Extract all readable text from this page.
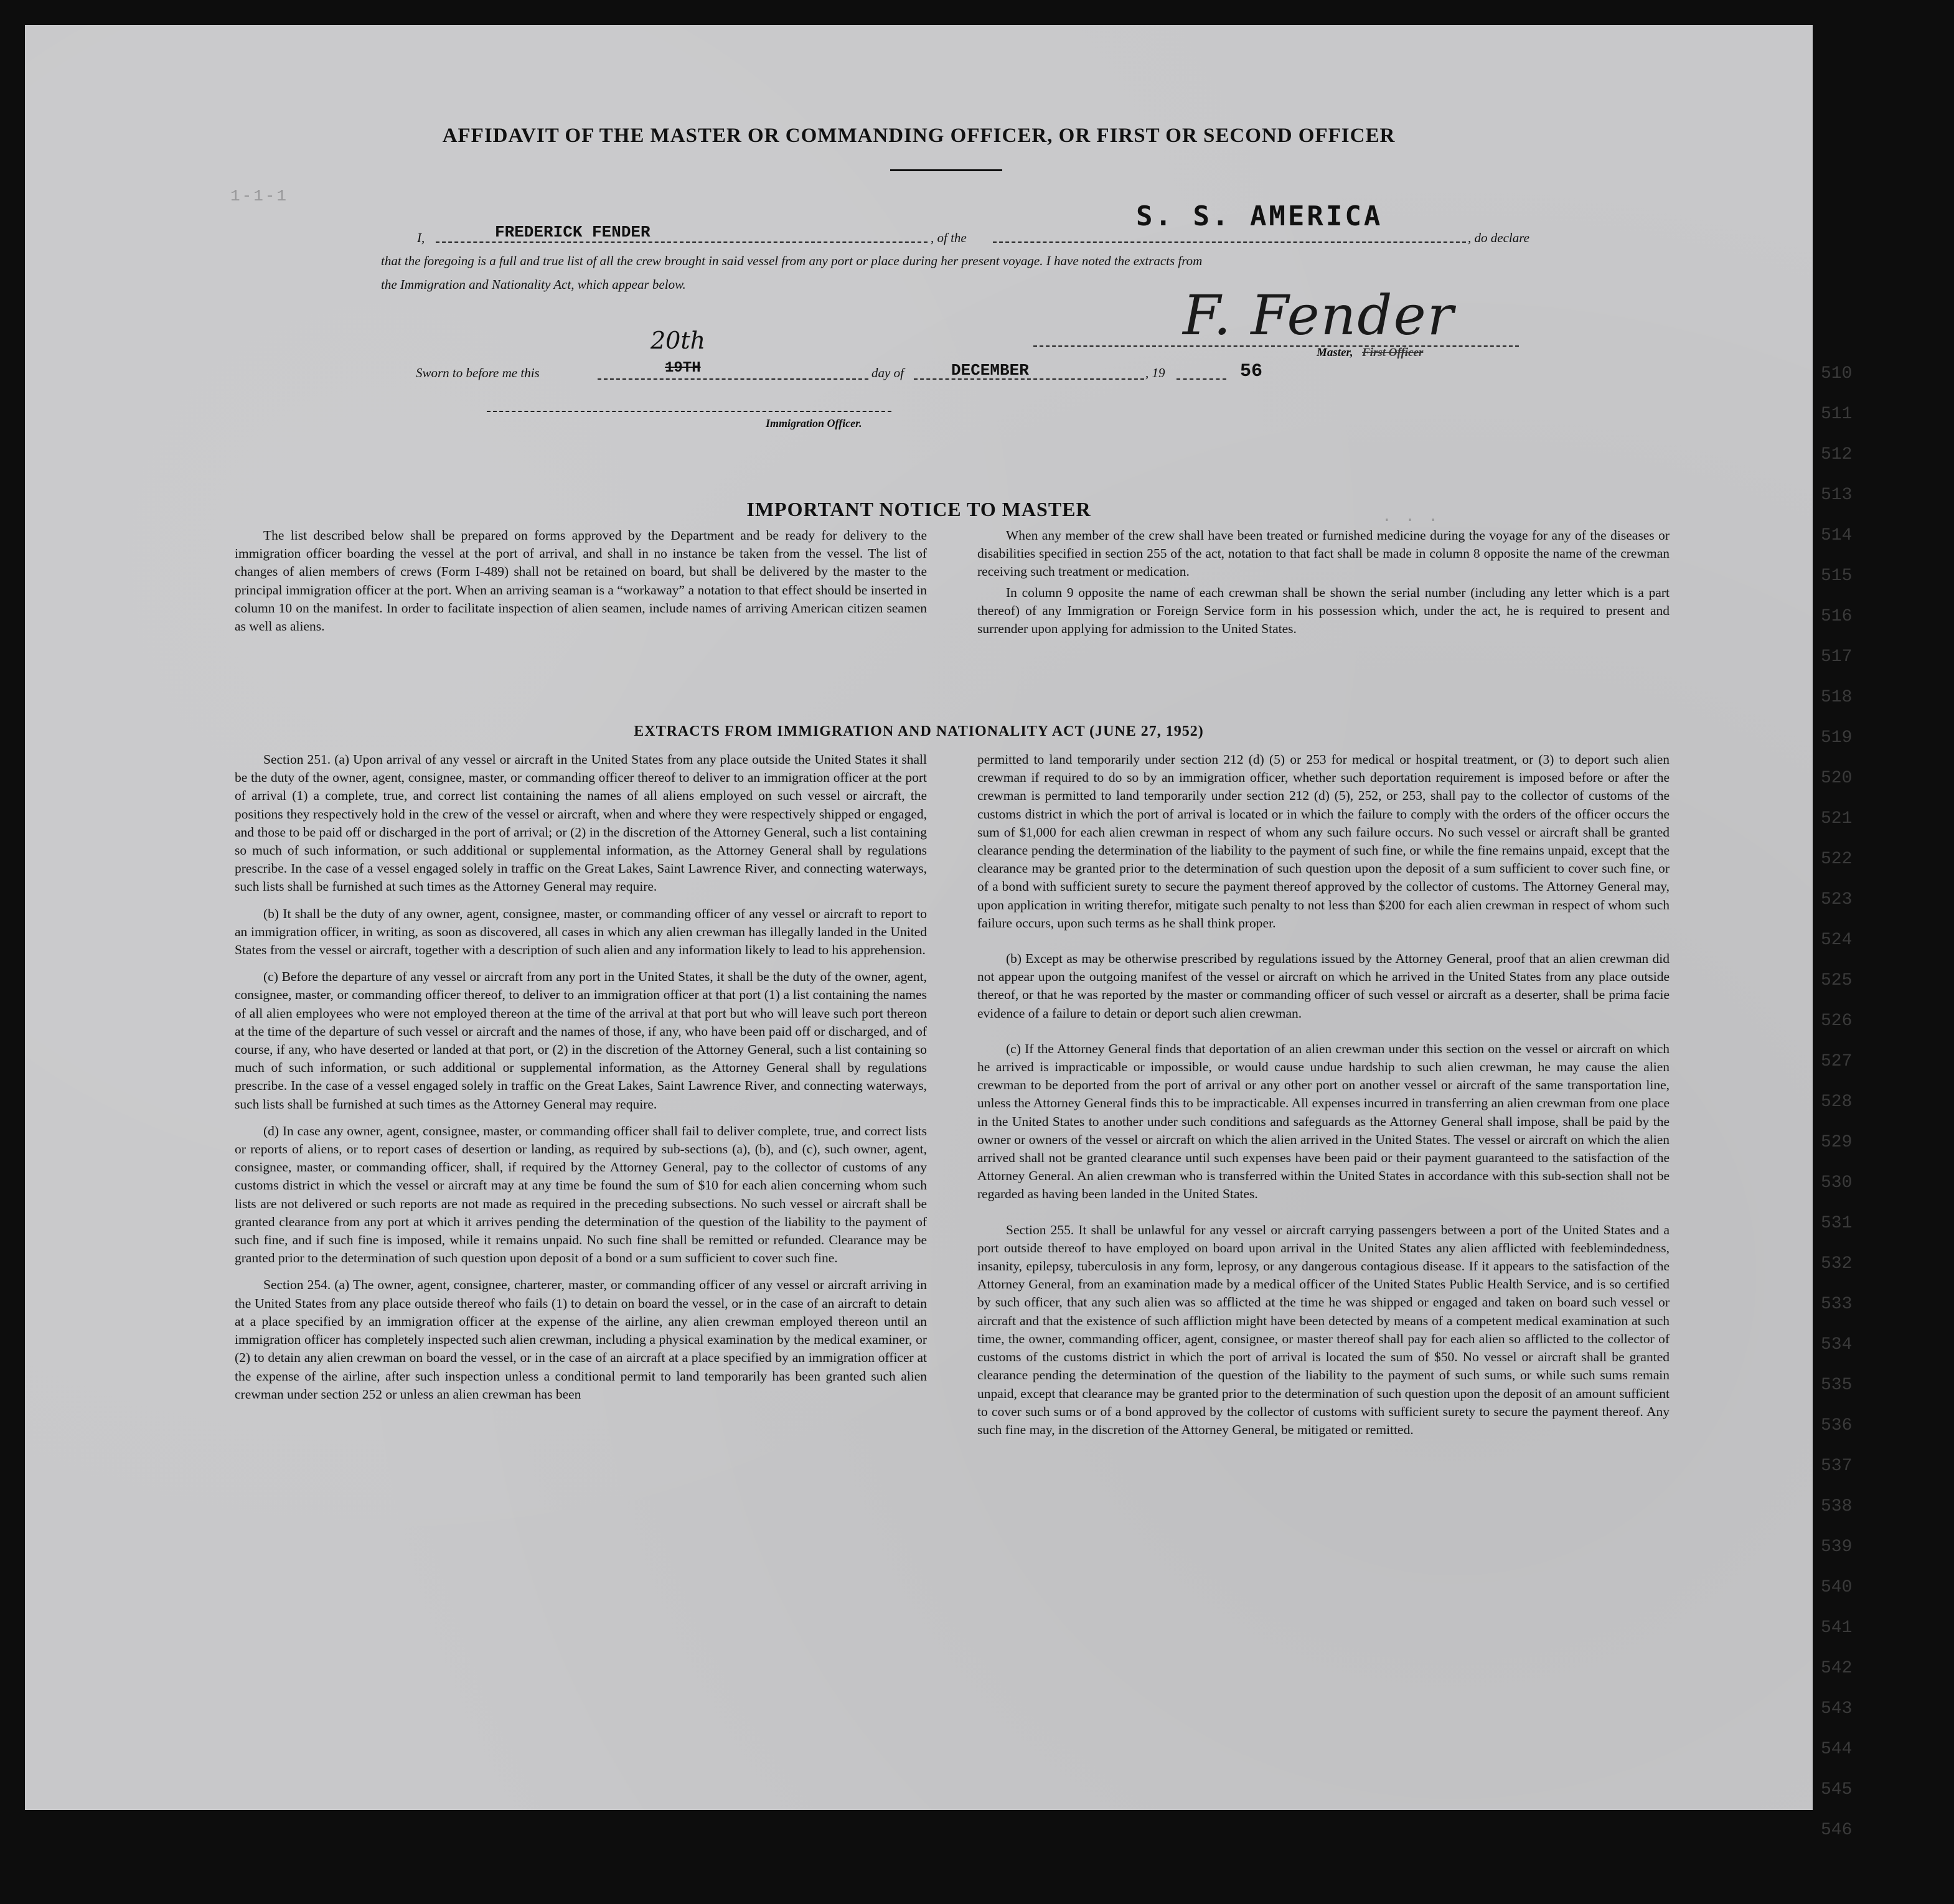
AFFIDAVIT OF THE MASTER OR COMMANDING OFFICER, OR FIRST OR SECOND OFFICER
I,	FREDERICK FENDER	, of the
S. S. AMERICA
, do declare
that the foregoing is a full and true list of all the crew brought in said vessel from any port or place during her present voyage. I have noted the extracts from
the Immigration and Nationality Act, which appear below.	F. Fender
Master, First Officer
Sworn to before me this
20th
19TH	day of	DECEMBER	, 19	56
Immigration Officer.
1-1-1
. . .
IMPORTANT NOTICE TO MASTER

The list described below shall be prepared on forms approved by the Department and be ready for delivery to the immigration officer boarding the vessel at the port of arrival, and shall in no instance be taken from the vessel. The list of changes of alien members of crews (Form I-489) shall not be retained on board, but shall be delivered by the master to the principal immigration officer at the port. When an arriving seaman is a “workaway” a notation to that effect should be inserted in column 10 on the manifest. In order to facilitate inspection of alien seamen, include names of arriving American citizen seamen as well as aliens.

When any member of the crew shall have been treated or furnished medicine during the voyage for any of the diseases or disabilities specified in section 255 of the act, notation to that fact shall be made in column 8 opposite the name of the crewman receiving such treatment or medication.

In column 9 opposite the name of each crewman shall be shown the serial number (including any letter which is a part thereof) of any Immigration or Foreign Service form in his possession which, under the act, he is required to present and surrender upon applying for admission to the United States.

EXTRACTS FROM IMMIGRATION AND NATIONALITY ACT (JUNE 27, 1952)

Section 251. (a) Upon arrival of any vessel or aircraft in the United States from any place outside the United States it shall be the duty of the owner, agent, consignee, master, or commanding officer thereof to deliver to an immigration officer at the port of arrival (1) a complete, true, and correct list containing the names of all aliens employed on such vessel or aircraft, the positions they respectively hold in the crew of the vessel or aircraft, when and where they were respectively shipped or engaged, and those to be paid off or discharged in the port of arrival; or (2) in the discretion of the Attorney General, such a list containing so much of such information, or such additional or supplemental information, as the Attorney General shall by regulations prescribe. In the case of a vessel engaged solely in traffic on the Great Lakes, Saint Lawrence River, and connecting waterways, such lists shall be furnished at such times as the Attorney General may require.

(b) It shall be the duty of any owner, agent, consignee, master, or commanding officer of any vessel or aircraft to report to an immigration officer, in writing, as soon as discovered, all cases in which any alien crewman has illegally landed in the United States from the vessel or aircraft, together with a description of such alien and any information likely to lead to his apprehension.

(c) Before the departure of any vessel or aircraft from any port in the United States, it shall be the duty of the owner, agent, consignee, master, or commanding officer thereof, to deliver to an immigration officer at that port (1) a list containing the names of all alien employees who were not employed thereon at the time of the arrival at that port but who will leave such port thereon at the time of the departure of such vessel or aircraft and the names of those, if any, who have been paid off or discharged, and of course, if any, who have deserted or landed at that port, or (2) in the discretion of the Attorney General, such a list containing so much of such information, or such additional or supplemental information, as the Attorney General shall by regulations prescribe. In the case of a vessel engaged solely in traffic on the Great Lakes, Saint Lawrence River, and connecting waterways, such lists shall be furnished at such times as the Attorney General may require.

(d) In case any owner, agent, consignee, master, or commanding officer shall fail to deliver complete, true, and correct lists or reports of aliens, or to report cases of desertion or landing, as required by sub-sections (a), (b), and (c), such owner, agent, consignee, master, or commanding officer, shall, if required by the Attorney General, pay to the collector of customs of any customs district in which the vessel or aircraft may at any time be found the sum of $10 for each alien concerning whom such lists are not delivered or such reports are not made as required in the preceding subsections. No such vessel or aircraft shall be granted clearance from any port at which it arrives pending the determination of the question of the liability to the payment of such fine, and if such fine is imposed, while it remains unpaid. No such fine shall be remitted or refunded. Clearance may be granted prior to the determination of such question upon deposit of a bond or a sum sufficient to cover such fine.

Section 254. (a) The owner, agent, consignee, charterer, master, or commanding officer of any vessel or aircraft arriving in the United States from any place outside thereof who fails (1) to detain on board the vessel, or in the case of an aircraft to detain at a place specified by an immigration officer at the expense of the airline, any alien crewman employed thereon until an immigration officer has completely inspected such alien crewman, including a physical examination by the medical examiner, or (2) to detain any alien crewman on board the vessel, or in the case of an aircraft at a place specified by an immigration officer at the expense of the airline, after such inspection unless a conditional permit to land temporarily has been granted such alien crewman under section 252 or unless an alien crewman has been

permitted to land temporarily under section 212 (d) (5) or 253 for medical or hospital treatment, or (3) to deport such alien crewman if required to do so by an immigration officer, whether such deportation requirement is imposed before or after the crewman is permitted to land temporarily under section 212 (d) (5), 252, or 253, shall pay to the collector of customs of the customs district in which the port of arrival is located or in which the failure to comply with the orders of the officer occurs the sum of $1,000 for each alien crewman in respect of whom any such failure occurs. No such vessel or aircraft shall be granted clearance pending the determination of the liability to the payment of such fine, or while the fine remains unpaid, except that the clearance may be granted prior to the determination of such question upon the deposit of a sum sufficient to cover such fine, or of a bond with sufficient surety to secure the payment thereof approved by the collector of customs. The Attorney General may, upon application in writing therefor, mitigate such penalty to not less than $200 for each alien crewman in respect of whom such failure occurs, upon such terms as he shall think proper.

(b) Except as may be otherwise prescribed by regulations issued by the Attorney General, proof that an alien crewman did not appear upon the outgoing manifest of the vessel or aircraft on which he arrived in the United States from any place outside thereof, or that he was reported by the master or commanding officer of such vessel or aircraft as a deserter, shall be prima facie evidence of a failure to detain or deport such alien crewman.

(c) If the Attorney General finds that deportation of an alien crewman under this section on the vessel or aircraft on which he arrived is impracticable or impossible, or would cause undue hardship to such alien crewman, he may cause the alien crewman to be deported from the port of arrival or any other port on another vessel or aircraft of the same transportation line, unless the Attorney General finds this to be impracticable. All expenses incurred in transferring an alien crewman from one place in the United States to another under such conditions and safeguards as the Attorney General shall impose, shall be paid by the owner or owners of the vessel or aircraft on which the alien arrived in the United States. The vessel or aircraft on which the alien arrived shall not be granted clearance until such expenses have been paid or their payment guaranteed to the satisfaction of the Attorney General. An alien crewman who is transferred within the United States in accordance with this sub-section shall not be regarded as having been landed in the United States.

Section 255. It shall be unlawful for any vessel or aircraft carrying passengers between a port of the United States and a port outside thereof to have employed on board upon arrival in the United States any alien afflicted with feeblemindedness, insanity, epilepsy, tuberculosis in any form, leprosy, or any dangerous contagious disease. If it appears to the satisfaction of the Attorney General, from an examination made by a medical officer of the United States Public Health Service, and is so certified by such officer, that any such alien was so afflicted at the time he was shipped or engaged and taken on board such vessel or aircraft and that the existence of such affliction might have been detected by means of a competent medical examination at such time, the owner, commanding officer, agent, consignee, or master thereof shall pay for each alien so afflicted to the collector of customs of the customs district in which the port of arrival is located the sum of $50. No vessel or aircraft shall be granted clearance pending the determination of the question of the liability to the payment of such sums, or while such sums remain unpaid, except that clearance may be granted prior to the determination of such question upon the deposit of an amount sufficient to cover such sums or of a bond approved by the collector of customs with sufficient surety to secure the payment thereof. Any such fine may, in the discretion of the Attorney General, be mitigated or remitted.

510
511
512
513
514
515
516
517
518
519
520
521
522
523
524
525
526
527
528
529
530
531
532
533
534
535
536
537
538
539
540
541
542
543
544
545
546
